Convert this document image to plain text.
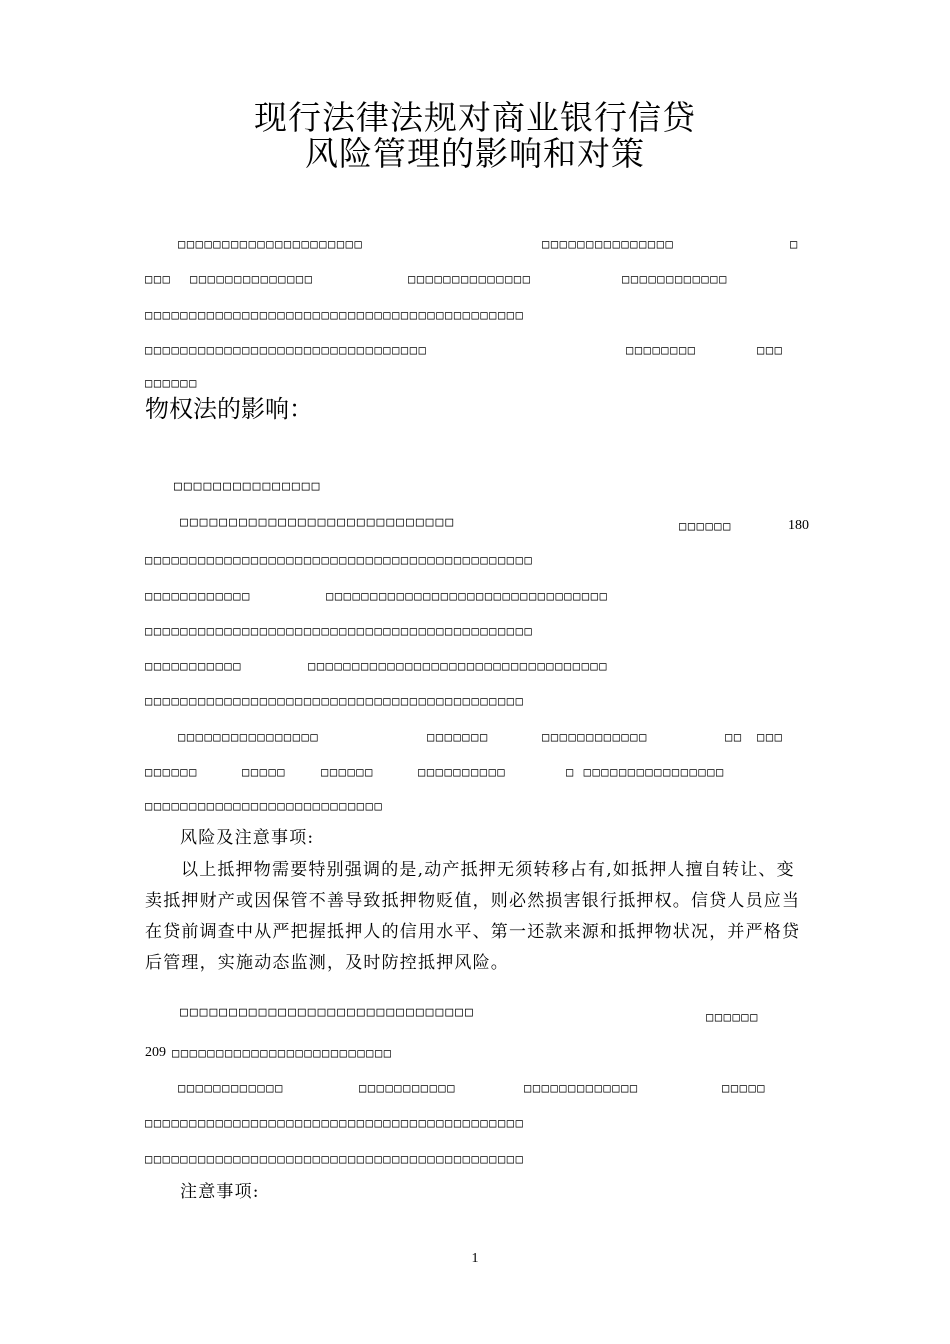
现行法律法规对商业银行信贷
风险管理的影响和对策
□□□□□□□□□□□□□□□□□□□□□	□□□□□□□□□□□□□□□	□
□□□ □□□□□□□□□□□□□□	□□□□□□□□□□□□□□	□□□□□□□□□□□□
□□□□□□□□□□□□□□□□□□□□□□□□□□□□□□□□□□□□□□□□□□□
□□□□□□□□□□□□□□□□□□□□□□□□□□□□□□□□	□□□□□□□□	□□□
□□□□□□
物权法的影响：
□□□□□□□□□□□□□□□
□□□□□□□□□□□□□□□□□□□□□□□□□□□□	□□□□□□	180
□□□□□□□□□□□□□□□□□□□□□□□□□□□□□□□□□□□□□□□□□□□□
□□□□□□□□□□□□	□□□□□□□□□□□□□□□□□□□□□□□□□□□□□□□□
□□□□□□□□□□□□□□□□□□□□□□□□□□□□□□□□□□□□□□□□□□□□
□□□□□□□□□□□	□□□□□□□□□□□□□□□□□□□□□□□□□□□□□□□□□□
□□□□□□□□□□□□□□□□□□□□□□□□□□□□□□□□□□□□□□□□□□□
□□□□□□□□□□□□□□□□	□□□□□□□	□□□□□□□□□□□□	□□ □□□
□□□□□□	□□□□□	□□□□□□	□□□□□□□□□□	□ □□□□□□□□□□□□□□□□
□□□□□□□□□□□□□□□□□□□□□□□□□□□
风险及注意事项:
以上抵押物需要特别强调的是,动产抵押无须转移占有,如抵押人擅自转让、变卖抵押财产或因保管不善导致抵押物贬值，则必然损害银行抵押权。信贷人员应当在贷前调查中从严把握抵押人的信用水平、第一还款来源和抵押物状况，并严格贷后管理，实施动态监测，及时防控抵押风险。
□□□□□□□□□□□□□□□□□□□□□□□□□□□□□□	□□□□□□
209 □□□□□□□□□□□□□□□□□□□□□□□□□
□□□□□□□□□□□□	□□□□□□□□□□□	□□□□□□□□□□□□□	□□□□□
□□□□□□□□□□□□□□□□□□□□□□□□□□□□□□□□□□□□□□□□□□□
□□□□□□□□□□□□□□□□□□□□□□□□□□□□□□□□□□□□□□□□□□□
注意事项:
1
